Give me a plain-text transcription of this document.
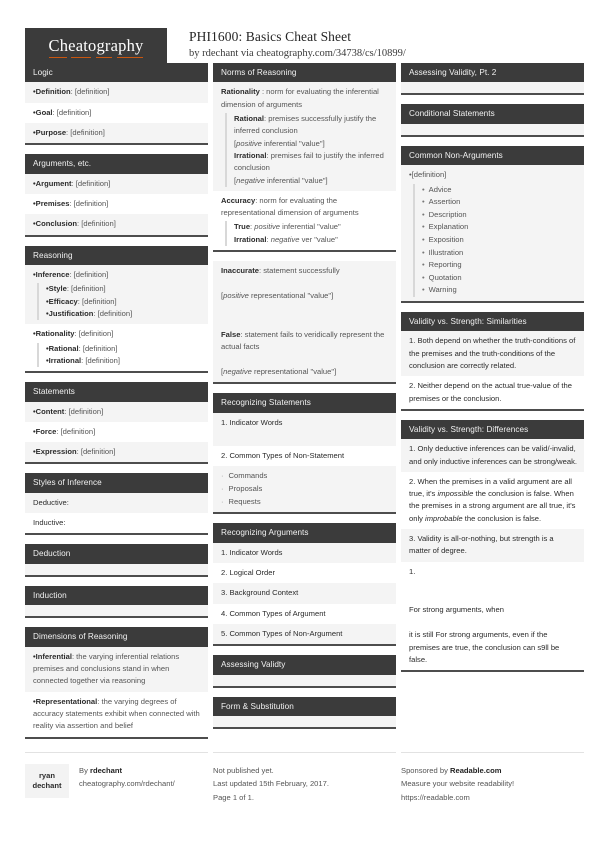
Cheatography	PHI1600: Basics Cheat Sheet
by rdechant via cheatography.com/34738/cs/10899/
Logic
•Definition: [definition]
•Goal: [definition]
•Purpose: [definition]
Arguments, etc.
•Argument: [definition]
•Premises: [definition]
•Conclusion: [definition]
Reasoning
•Inference: [definition]
•Style: [definition]
•Efficacy: [definition]
•Justification: [definition]
•Rationality: [definition]
•Rational: [definition]
•Irrational: [definition]
Statements
•Content: [definition]
•Force: [definition]
•Expression: [definition]
Styles of Inference
Deductive:
Inductive:
Deduction
Induction
Dimensions of Reasoning
•Inferential: the varying inferential relations premises and conclusions stand in when connected together via reasoning
•Representational: the varying degrees of accuracy statements exhibit when connected with reality via assertion and belief
Norms of Reasoning
Rationality : norm for evaluating the inferential dimension of arguments
Rational: premises successfully justify the inferred conclusion
[positive inferential "value"]
Irrational: premises fail to justify the inferred conclusion
[negative inferential "value"]
Accuracy: norm for evaluating the representational dimension of arguments
True: positive inferential "value"
Irrational: negative ver "value"
Inaccurate: statement successfully
[positive representational "value"]
False: statement fails to veridically represent the actual facts
[negative representational "value"]
Recognizing Statements
1. Indicator Words
2. Common Types of Non-Statement
· Commands
· Proposals
· Requests
Recognizing Arguments
1. Indicator Words
2. Logical Order
3. Background Context
4. Common Types of Argument
5. Common Types of Non-Argument
Assessing Validty
Form & Substitution
Assessing Validity, Pt. 2
Conditional Statements
Common Non-Arguments
•[definition]
• Advice
• Assertion
• Description
• Explanation
• Exposition
• Illustration
• Reporting
• Quotation
• Warning
Validity vs. Strength: Similarities
1. Both depend on whether the truth-conditions of the premises and the truth-conditions of the conclusion are correctly related.
2. Neither depend on the actual true-value of the premises or the conclusion.
Validity vs. Strength: Differences
1. Only deductive inferences can be valid/-invalid, and only inductive inferences can be strong/weak.
2. When the premises in a valid argument are all true, it's impossible the conclusion is false. When the premises in a strong argument are all true, it's only improbable the conclusion is false.
3. Validity is all-or-nothing, but strength is a matter of degree.
1.
For strong arguments, when
it is still For strong arguments, even if the premises are true, the conclusion can s9ll be false.
ryan
dechant
By rdechant
cheatography.com/rdechant/
Not published yet.
Last updated 15th February, 2017.
Page 1 of 1.
Sponsored by Readable.com
Measure your website readability!
https://readable.com
